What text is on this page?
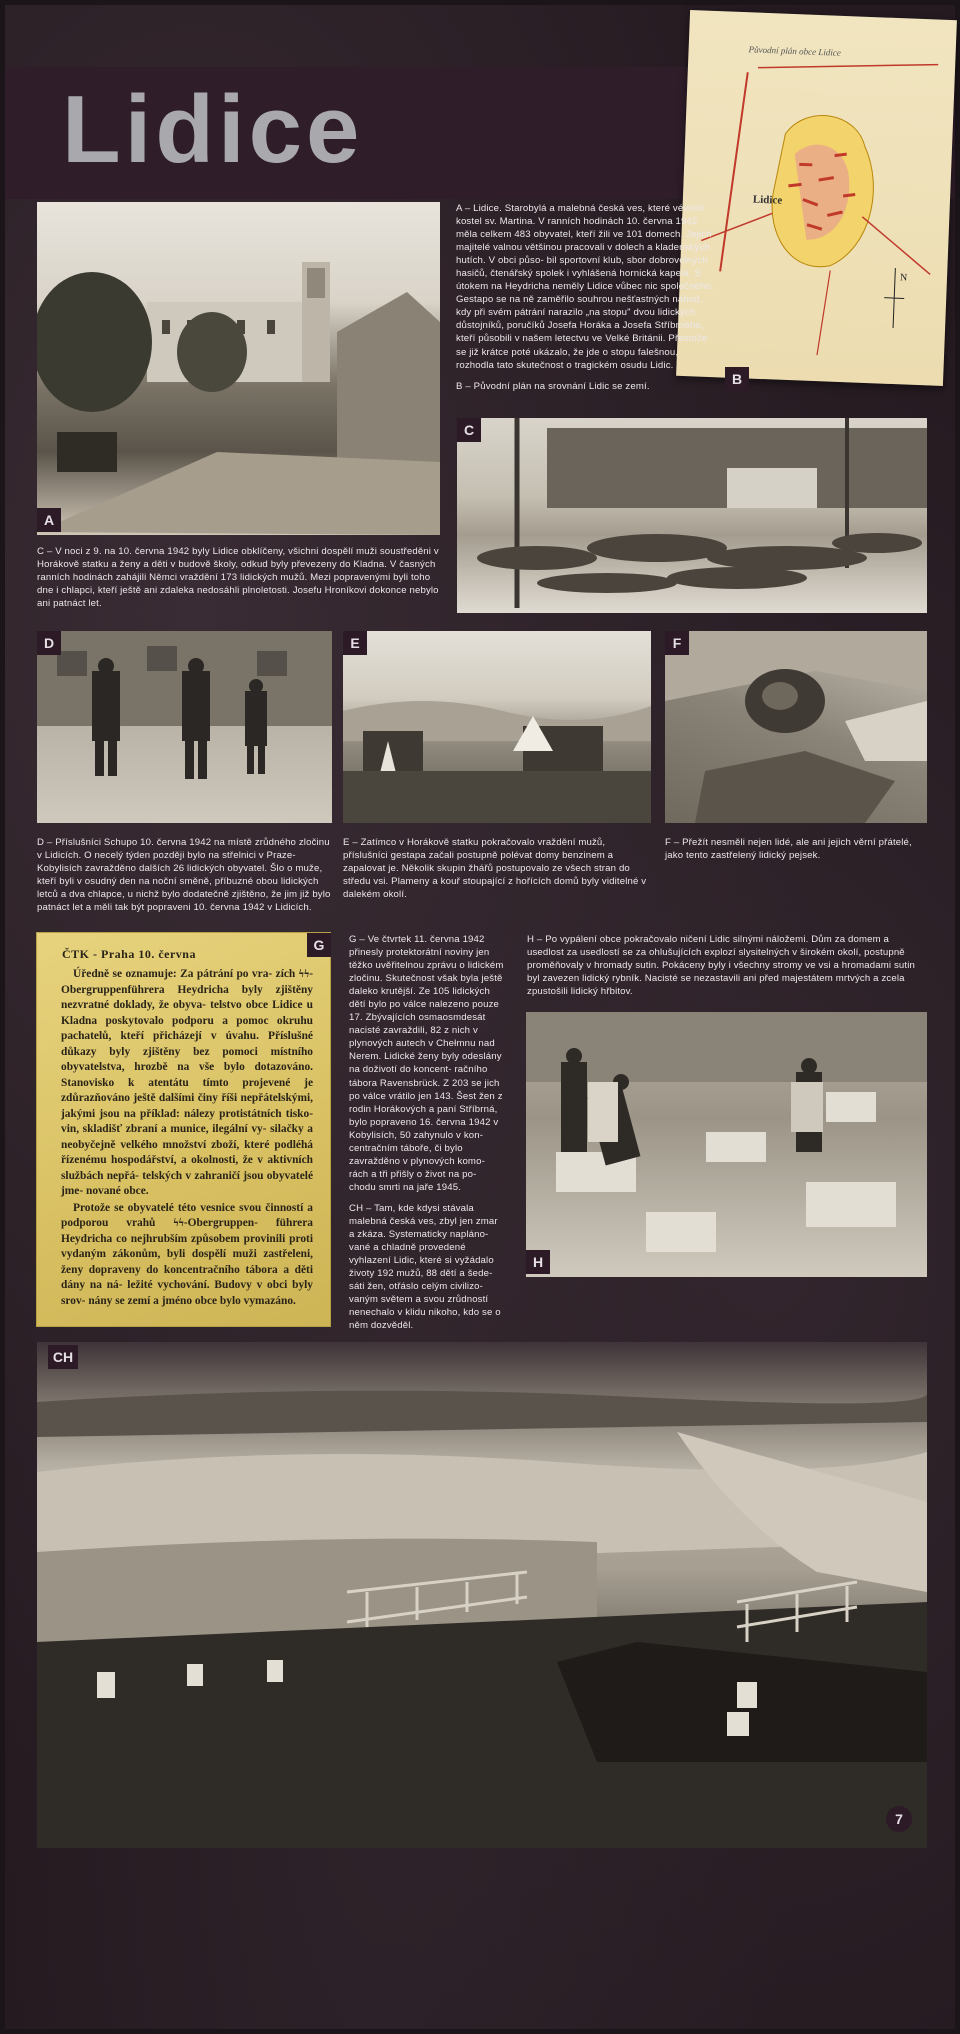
Lidice
Původní plán obce Lidice
Lidice
N
B
A

A – Lidice. Starobylá a malebná česká ves, které vévodil kostel sv. Martina. V ranních hodinách 10. června 1942 měla celkem 483 obyvatel, kteří žili ve 101 domech. Jejich majitelé valnou většinou pracovali v dolech a kladenských hutích. V obci půso- bil sportovní klub, sbor dobrovolných hasičů, čtenářský spolek i vyhlášená hornická kapela. S útokem na Heydricha neměly Lidice vůbec nic společného. Gestapo se na ně zaměřilo souhrou nešťastných náhod, kdy při svém pátrání narazilo „na stopu" dvou lidických důstojníků, poručíků Josefa Horáka a Josefa Stříbrného, kteří působili v našem letectvu ve Velké Británii. Přestože se již krátce poté ukázalo, že jde o stopu falešnou, rozhodla tato skutečnost o tragickém osudu Lidic.

B – Původní plán na srovnání Lidic se zemí.

C
C – V noci z 9. na 10. června 1942 byly Lidice obklíčeny, všichni dospělí muži soustředěni v Horákově statku a ženy a děti v budově školy, odkud byly převezeny do Kladna. V časných ranních hodinách zahájili Němci vraždění 173 lidických mužů. Mezi popravenými byli toho dne i chlapci, kteří ještě ani zdaleka nedosáhli plnoletosti. Josefu Hroníkovi dokonce nebylo ani patnáct let.
D	E	F
D – Příslušníci Schupo 10. června 1942 na místě zrůdného zločinu v Lidicích. O necelý týden později bylo na střelnici v Praze-Kobylisích zavražděno dalších 26 lidických obyvatel. Šlo o muže, kteří byli v osudný den na noční směně, příbuzné obou lidických letců a dva chlapce, u nichž bylo dodatečně zjištěno, že jim již bylo patnáct let a měli tak být popraveni 10. června 1942 v Lidicích.
E – Zatímco v Horákově statku pokračovalo vraždění mužů, příslušníci gestapa začali postupně polévat domy benzinem a zapalovat je. Několik skupin žhářů postupovalo ze všech stran do středu vsi. Plameny a kouř stoupající z hořících domů byly viditelné v dalekém okolí.
F – Přežít nesměli nejen lidé, ale ani jejich věrní přátelé, jako tento zastřelený lidický pejsek.
ČTK - Praha 10. června

Úředně se oznamuje: Za pátrání po vra- zích ϟϟ-Obergruppenführera Heydricha byly zjištěny nezvratné doklady, že obyva- telstvo obce Lidice u Kladna poskytovalo podporu a pomoc okruhu pachatelů, kteří přicházejí v úvahu. Příslušné důkazy byly zjištěny bez pomoci místního obyvatelstva, hrozbě na vše bylo dotazováno. Stanovisko k atentátu tímto projevené je zdůrazňováno ještě dalšími činy říši nepřátelskými, jakými jsou na příklad: nálezy protistátních tisko- vin, skladišť zbraní a munice, ilegální vy- silačky a neobyčejně velkého množství zboží, které podléhá řízenému hospodářství, a okolnosti, že v aktivních službách nepřá- telských v zahraničí jsou obyvatelé jme- nované obce.

Protože se obyvatelé této vesnice svou činností a podporou vrahů ϟϟ-Obergruppen- führera Heydricha co nejhrubším způsobem provinili proti vydaným zákonům, byli dospělí muži zastřeleni, ženy dopraveny do koncentračního tábora a děti dány na ná- ležité vychování. Budovy v obci byly srov- nány se zemí a jméno obce bylo vymazáno.

G	G – Ve čtvrtek 11. června 1942 přinesly protektorátní noviny jen těžko uvěřitelnou zprávu o lidickém zločinu. Skutečnost však byla ještě daleko krutější. Ze 105 lidických dětí bylo po válce nalezeno pouze 17. Zbývajících osmaosmdesát nacisté zavraždili, 82 z nich v plynových autech v Chełmnu nad Nerem. Lidické ženy byly odeslány na doživotí do koncent- račního tábora Ravensbrück. Z 203 se jich po válce vrátilo jen 143. Šest žen z rodin Horákových a paní Stříbrná, bylo popraveno 16. června 1942 v Kobylisích, 50 zahynulo v kon- centračním táboře, či bylo zavražděno v plynových komo- rách a tři přišly o život na po- chodu smrti na jaře 1945.

CH – Tam, kde kdysi stávala malebná česká ves, zbyl jen zmar a zkáza. Systematicky napláno- vané a chladně provedené vyhlazení Lidic, které si vyžádalo životy 192 mužů, 88 dětí a šede- sáti žen, otřáslo celým civilizo- vaným světem a svou zrůdností nenechalo v klidu nikoho, kdo se o něm dozvěděl.

H – Po vypálení obce pokračovalo ničení Lidic silnými náložemi. Dům za domem a usedlost za usedlostí se za ohlušujících explozí slysitelných v širokém okolí, postupně proměňovaly v hromady sutin. Pokáceny byly i všechny stromy ve vsi a hromadami sutin byl zavezen lidický rybník. Nacisté se nezastavili ani před majestátem mrtvých a zcela zpustošili lidický hřbitov.
H
CH
7
